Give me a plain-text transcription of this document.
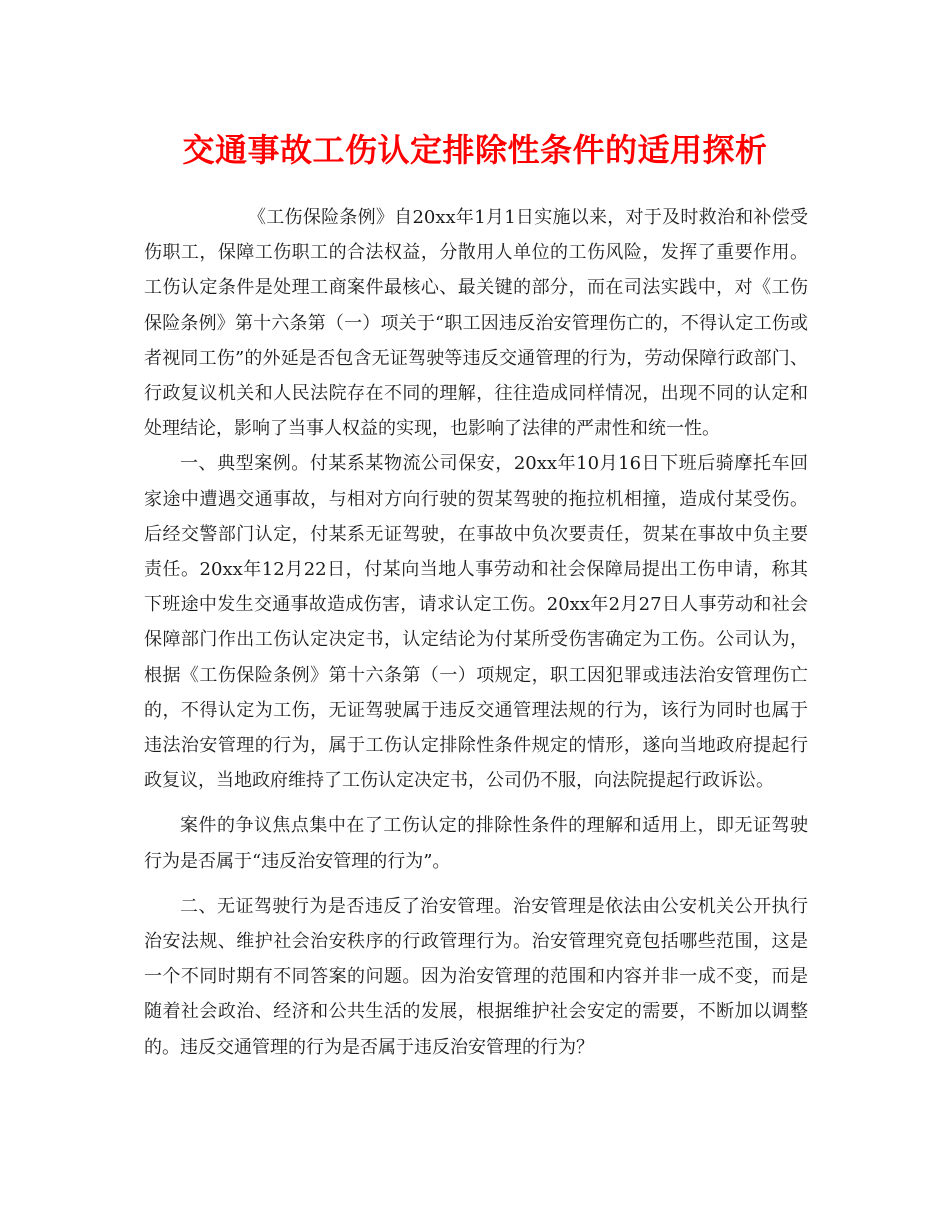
交通事故工伤认定排除性条件的适用探析

《工伤保险条例》自20xx年1月1日实施以来，对于及时救治和补偿受伤职工，保障工伤职工的合法权益，分散用人单位的工伤风险，发挥了重要作用。工伤认定条件是处理工商案件最核心、最关键的部分，而在司法实践中，对《工伤保险条例》第十六条第（一）项关于“职工因违反治安管理伤亡的，不得认定工伤或者视同工伤”的外延是否包含无证驾驶等违反交通管理的行为，劳动保障行政部门、行政复议机关和人民法院存在不同的理解，往往造成同样情况，出现不同的认定和处理结论，影响了当事人权益的实现，也影响了法律的严肃性和统一性。

一、典型案例。付某系某物流公司保安，20xx年10月16日下班后骑摩托车回家途中遭遇交通事故，与相对方向行驶的贺某驾驶的拖拉机相撞，造成付某受伤。后经交警部门认定，付某系无证驾驶，在事故中负次要责任，贺某在事故中负主要责任。20xx年12月22日，付某向当地人事劳动和社会保障局提出工伤申请，称其下班途中发生交通事故造成伤害，请求认定工伤。20xx年2月27日人事劳动和社会保障部门作出工伤认定决定书，认定结论为付某所受伤害确定为工伤。公司认为，根据《工伤保险条例》第十六条第（一）项规定，职工因犯罪或违法治安管理伤亡的，不得认定为工伤，无证驾驶属于违反交通管理法规的行为，该行为同时也属于违法治安管理的行为，属于工伤认定排除性条件规定的情形，遂向当地政府提起行政复议，当地政府维持了工伤认定决定书，公司仍不服，向法院提起行政诉讼。

案件的争议焦点集中在了工伤认定的排除性条件的理解和适用上，即无证驾驶行为是否属于“违反治安管理的行为”。

二、无证驾驶行为是否违反了治安管理。治安管理是依法由公安机关公开执行治安法规、维护社会治安秩序的行政管理行为。治安管理究竟包括哪些范围，这是一个不同时期有不同答案的问题。因为治安管理的范围和内容并非一成不变，而是随着社会政治、经济和公共生活的发展，根据维护社会安定的需要，不断加以调整的。违反交通管理的行为是否属于违反治安管理的行为？
